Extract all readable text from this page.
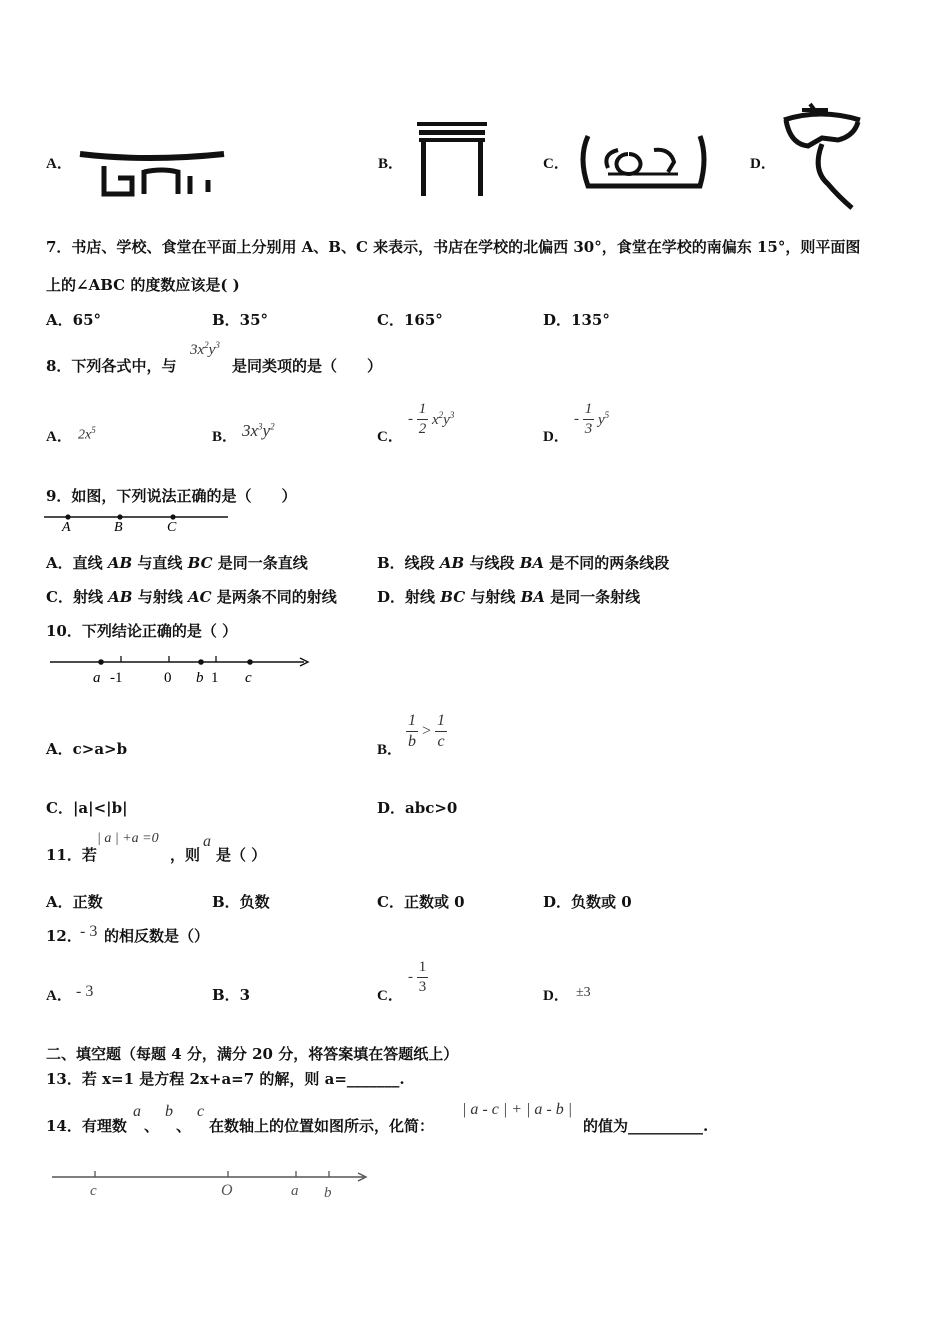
A．	B．	C．	D．
7．书店、学校、食堂在平面上分别用 A、B、C 来表示，书店在学校的北偏西 30°，食堂在学校的南偏东 15°，则平面图
上的∠ABC 的度数应该是( )
A．65°	B．35°	C．165°	D．135°
8．下列各式中，与
$3x^2y^3$
是同类项的是（　　）
A． $2x^5$	B． $3x^3y^2$
C．
- $\frac{1}{2} x^2y^3$
D．
- $\frac{1}{3} y^5$
9．如图，下列说法正确的是（　　）
A	B	C
A．直线 AB 与直线 BC 是同一条直线	B．线段 AB 与线段 BA 是不同的两条线段
C．射线 AB 与射线 AC 是两条不同的射线	D．射线 BC 与射线 BA 是同一条射线
10．下列结论正确的是（ ）
a -1	0 b 1 c
A．c>a>b	B． $\frac{1}{b} > \frac{1}{c}$
C．|a|<|b|	D．abc>0
11．若
| a | +a =0
，则
a
是（ ）
A．正数	B．负数	C．正数或 0	D．负数或 0
12．
- 3 的相反数是（）
A． - 3	B．3	C．
- $\frac{1}{3}$
D． ±3
二、填空题（每题 4 分，满分 20 分，将答案填在答题纸上）
13．若 x=1 是方程 2x+a=7 的解，则 a=_______.
14．有理数
a
、
b
、
c
在数轴上的位置如图所示，化简：
| a - c | + | a - b |
的值为__________.
c	O	a b
